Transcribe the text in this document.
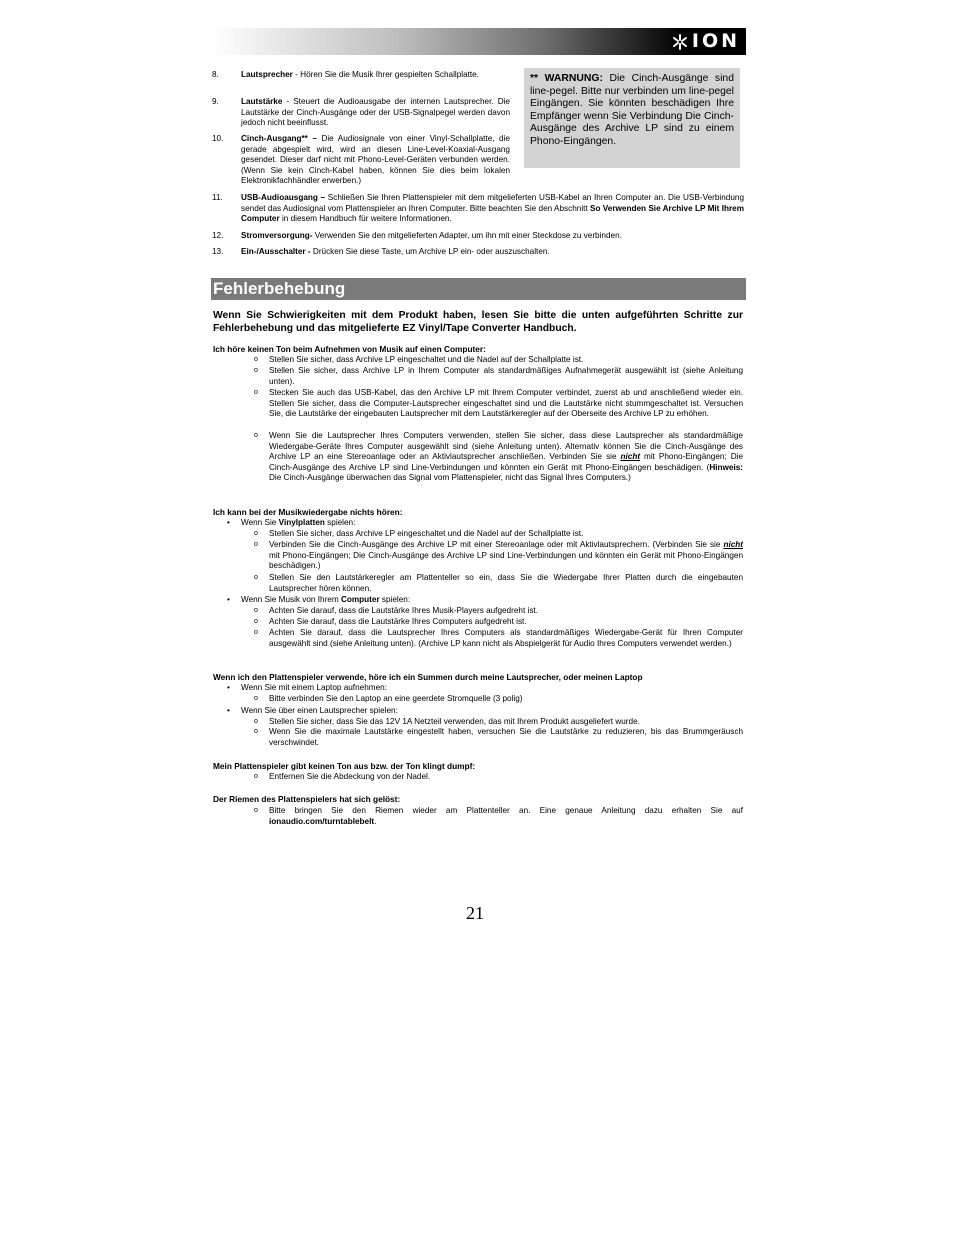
ION
8.	Lautsprecher - Hören Sie die Musik Ihrer gespielten Schallplatte.
9.	Lautstärke - Steuert die Audioausgabe der internen Lautsprecher. Die Lautstärke der Cinch-Ausgänge oder der USB-Signalpegel werden davon jedoch nicht beeinflusst.
10.	Cinch-Ausgang** – Die Audiosignale von einer Vinyl-Schallplatte, die gerade abgespielt wird, wird an diesen Line-Level-Koaxial-Ausgang gesendet. Dieser darf nicht mit Phono-Level-Geräten verbunden werden. (Wenn Sie kein Cinch-Kabel haben, können Sie dies beim lokalen Elektronikfachhändler erwerben.)
** WARNUNG: Die Cinch-Ausgänge sind line-pegel. Bitte nur verbinden um line-pegel Eingängen. Sie könnten beschädigen Ihre Empfänger wenn Sie Verbindung Die Cinch-Ausgänge des Archive LP sind zu einem Phono-Eingängen.
11.	USB-Audioausgang – Schließen Sie Ihren Plattenspieler mit dem mitgelieferten USB-Kabel an Ihren Computer an. Die USB-Verbindung sendet das Audiosignal vom Plattenspieler an Ihren Computer. Bitte beachten Sie den Abschnitt So Verwenden Sie Archive LP Mit Ihrem Computer in diesem Handbuch für weitere Informationen.
12.	Stromversorgung- Verwenden Sie den mitgelieferten Adapter, um ihn mit einer Steckdose zu verbinden.
13.	Ein-/Ausschalter - Drücken Sie diese Taste, um Archive LP ein- oder auszuschalten.
Fehlerbehebung
Wenn Sie Schwierigkeiten mit dem Produkt haben, lesen Sie bitte die unten aufgeführten Schritte zur Fehlerbehebung und das mitgelieferte EZ Vinyl/Tape Converter Handbuch.
Ich höre keinen Ton beim Aufnehmen von Musik auf einen Computer:
o Stellen Sie sicher, dass Archive LP eingeschaltet und die Nadel auf der Schallplatte ist.
o Stellen Sie sicher, dass Archive LP in Ihrem Computer als standardmäßiges Aufnahmegerät ausgewählt ist (siehe Anleitung unten).
o Stecken Sie auch das USB-Kabel, das den Archive LP mit Ihrem Computer verbindet, zuerst ab und anschließend wieder ein. Stellen Sie sicher, dass die Computer-Lautsprecher eingeschaltet sind und die Lautstärke nicht stummgeschaltet ist. Versuchen Sie, die Lautstärke der eingebauten Lautsprecher mit dem Lautstärkeregler auf der Oberseite des Archive LP zu erhöhen.
o Wenn Sie die Lautsprecher Ihres Computers verwenden, stellen Sie sicher, dass diese Lautsprecher als standardmäßige Wiedergabe-Geräte Ihres Computer ausgewählt sind (siehe Anleitung unten). Alternativ können Sie die Cinch-Ausgänge des Archive LP an eine Stereoanlage oder an Aktivlautsprecher anschließen. Verbinden Sie sie nicht mit Phono-Eingängen; Die Cinch-Ausgänge des Archive LP sind Line-Verbindungen und könnten ein Gerät mit Phono-Eingängen beschädigen. (Hinweis: Die Cinch-Ausgänge überwachen das Signal vom Plattenspieler, nicht das Signal Ihres Computers.)
Ich kann bei der Musikwiedergabe nichts hören:
• Wenn Sie Vinylplatten spielen:
o Stellen Sie sicher, dass Archive LP eingeschaltet und die Nadel auf der Schallplatte ist.
o Verbinden Sie die Cinch-Ausgänge des Archive LP mit einer Stereoanlage oder mit Aktivlautsprechern. (Verbinden Sie sie nicht mit Phono-Eingängen; Die Cinch-Ausgänge des Archive LP sind Line-Verbindungen und könnten ein Gerät mit Phono-Eingängen beschädigen.)
o Stellen Sie den Lautstärkeregler am Plattenteller so ein, dass Sie die Wiedergabe Ihrer Platten durch die eingebauten Lautsprecher hören können.
• Wenn Sie Musik von Ihrem Computer spielen:
o Achten Sie darauf, dass die Lautstärke Ihres Musik-Players aufgedreht ist.
o Achten Sie darauf, dass die Lautstärke Ihres Computers aufgedreht ist.
o Achten Sie darauf, dass die Lautsprecher Ihres Computers als standardmäßiges Wiedergabe-Gerät für Ihren Computer ausgewählt sind (siehe Anleitung unten). (Archive LP kann nicht als Abspielgerät für Audio Ihres Computers verwendet werden.)
Wenn ich den Plattenspieler verwende, höre ich ein Summen durch meine Lautsprecher, oder meinen Laptop
• Wenn Sie mit einem Laptop aufnehmen:
o Bitte verbinden Sie den Laptop an eine geerdete Stromquelle (3 polig)
• Wenn Sie über einen Lautsprecher spielen:
o Stellen Sie sicher, dass Sie das 12V 1A Netzteil verwenden, das mit Ihrem Produkt ausgeliefert wurde.
o Wenn Sie die maximale Lautstärke eingestellt haben, versuchen Sie die Lautstärke zu reduzieren, bis das Brummgeräusch verschwindet.
Mein Plattenspieler gibt keinen Ton aus bzw. der Ton klingt dumpf:
o Entfernen Sie die Abdeckung von der Nadel.
Der Riemen des Plattenspielers hat sich gelöst:
o Bitte bringen Sie den Riemen wieder am Plattenteller an. Eine genaue Anleitung dazu erhalten Sie auf ionaudio.com/turntablebelt.
21
